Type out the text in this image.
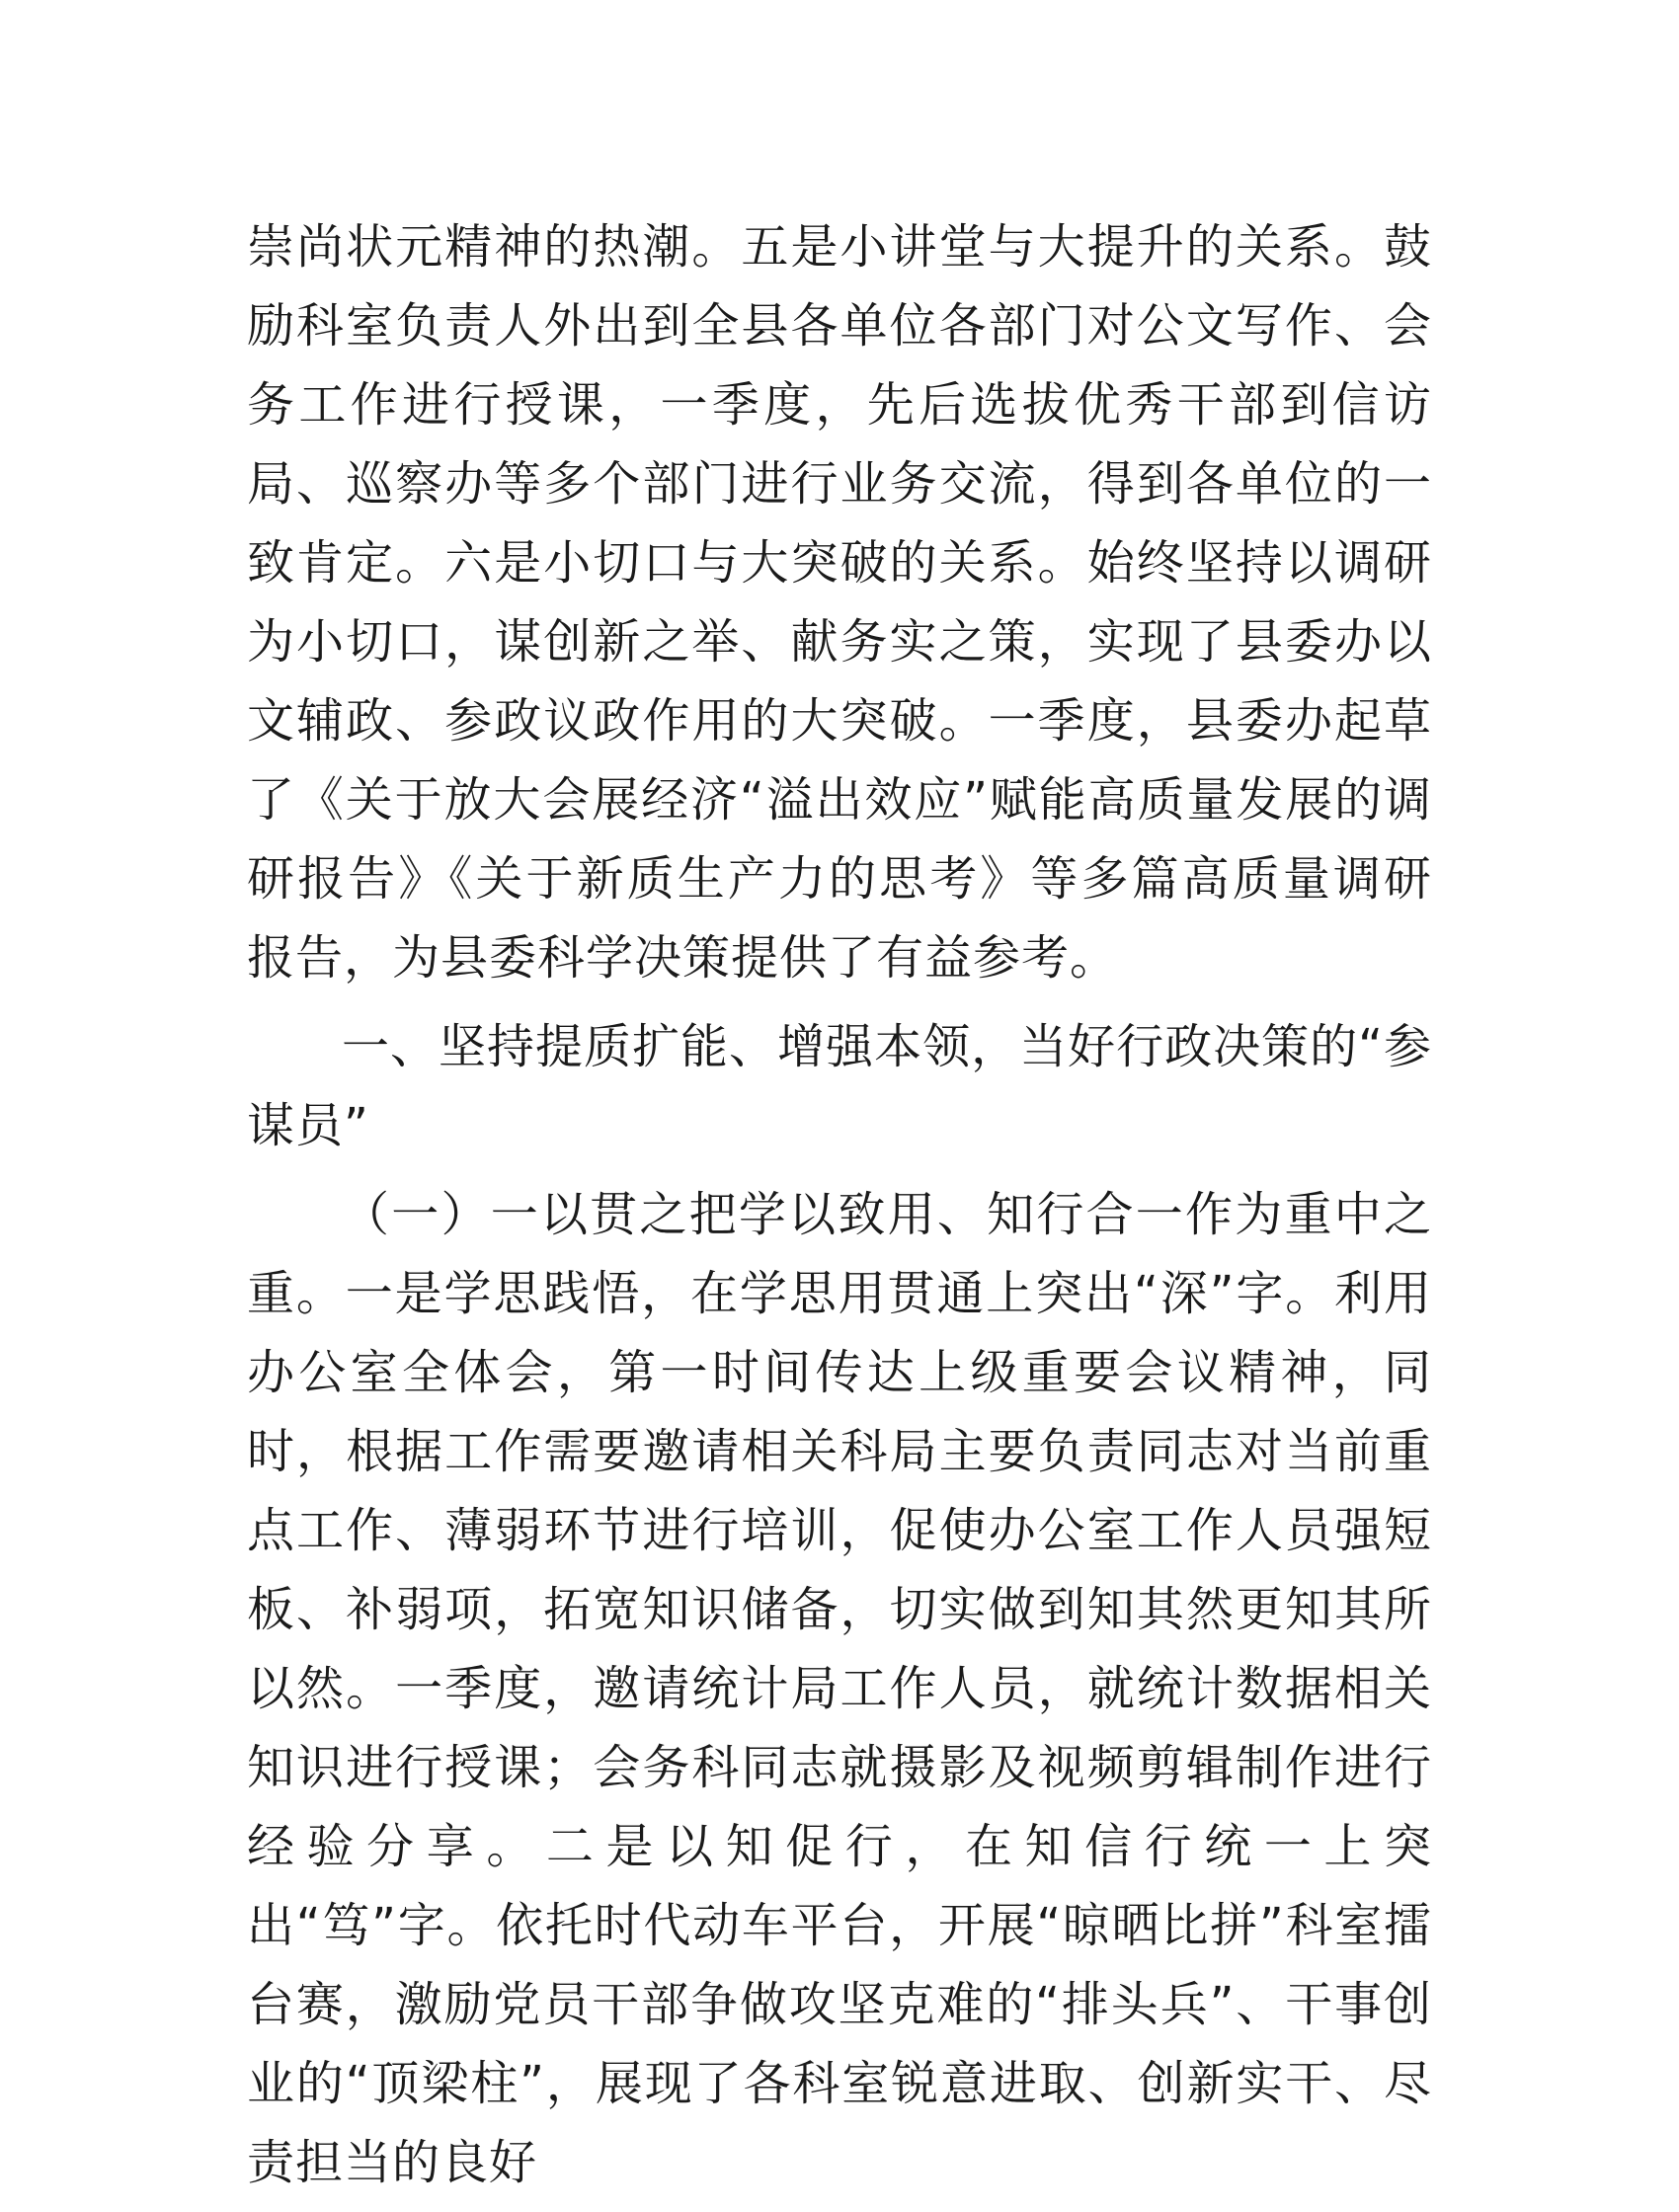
崇尚状元精神的热潮。五是小讲堂与大提升的关系。鼓励科室负责人外出到全县各单位各部门对公文写作、会务工作进行授课，一季度，先后选拔优秀干部到信访局、巡察办等多个部门进行业务交流，得到各单位的一致肯定。六是小切口与大突破的关系。始终坚持以调研为小切口，谋创新之举、献务实之策，实现了县委办以文辅政、参政议政作用的大突破。一季度，县委办起草了《关于放大会展经济“溢出效应”赋能高质量发展的调研报告》《关于新质生产力的思考》等多篇高质量调研报告，为县委科学决策提供了有益参考。

一、坚持提质扩能、增强本领，当好行政决策的“参谋员”

（一）一以贯之把学以致用、知行合一作为重中之重。一是学思践悟，在学思用贯通上突出“深”字。利用办公室全体会，第一时间传达上级重要会议精神，同时，根据工作需要邀请相关科局主要负责同志对当前重点工作、薄弱环节进行培训，促使办公室工作人员强短板、补弱项，拓宽知识储备，切实做到知其然更知其所以然。一季度，邀请统计局工作人员，就统计数据相关知识进行授课；会务科同志就摄影及视频剪辑制作进行经验分享。二是以知促行，在知信行统一上突出“笃”字。依托时代动车平台，开展“晾晒比拼”科室擂台赛，激励党员干部争做攻坚克难的“排头兵”、干事创业的“顶梁柱”，展现了各科室锐意进取、创新实干、尽责担当的良好
